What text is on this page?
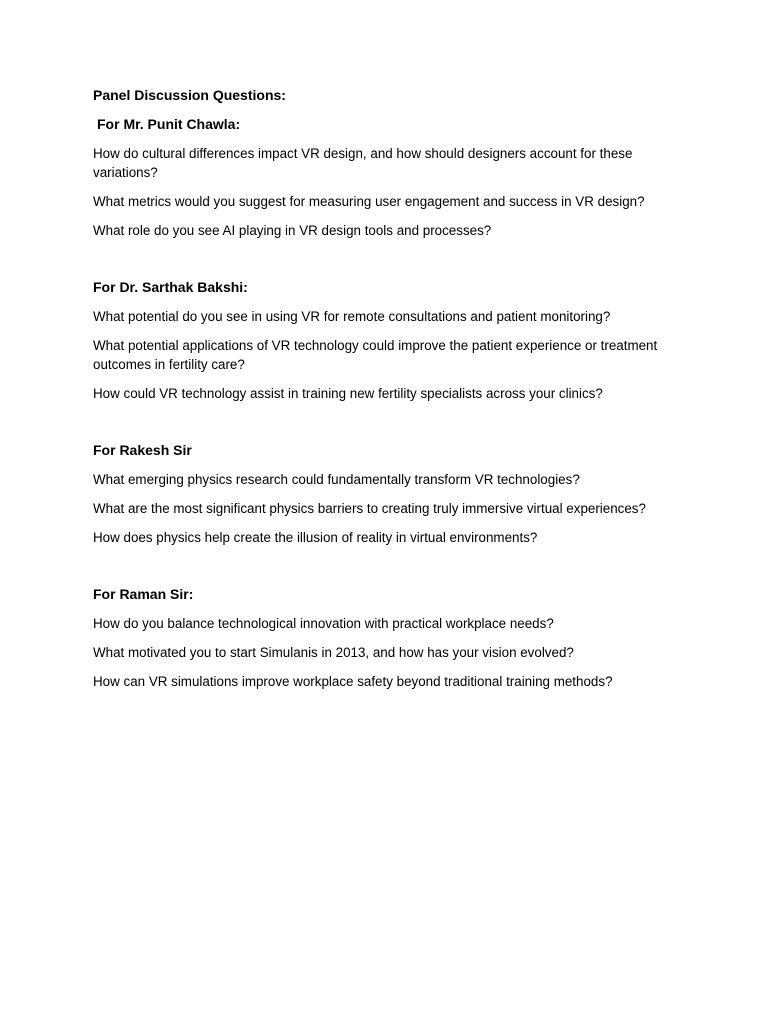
Panel Discussion Questions:
For Mr. Punit Chawla:
How do cultural differences impact VR design, and how should designers account for these variations?
What metrics would you suggest for measuring user engagement and success in VR design?
What role do you see AI playing in VR design tools and processes?
For Dr. Sarthak Bakshi:
What potential do you see in using VR for remote consultations and patient monitoring?
What potential applications of VR technology could improve the patient experience or treatment outcomes in fertility care?
How could VR technology assist in training new fertility specialists across your clinics?
For Rakesh Sir
What emerging physics research could fundamentally transform VR technologies?
What are the most significant physics barriers to creating truly immersive virtual experiences?
How does physics help create the illusion of reality in virtual environments?
For Raman Sir:
How do you balance technological innovation with practical workplace needs?
What motivated you to start Simulanis in 2013, and how has your vision evolved?
How can VR simulations improve workplace safety beyond traditional training methods?
